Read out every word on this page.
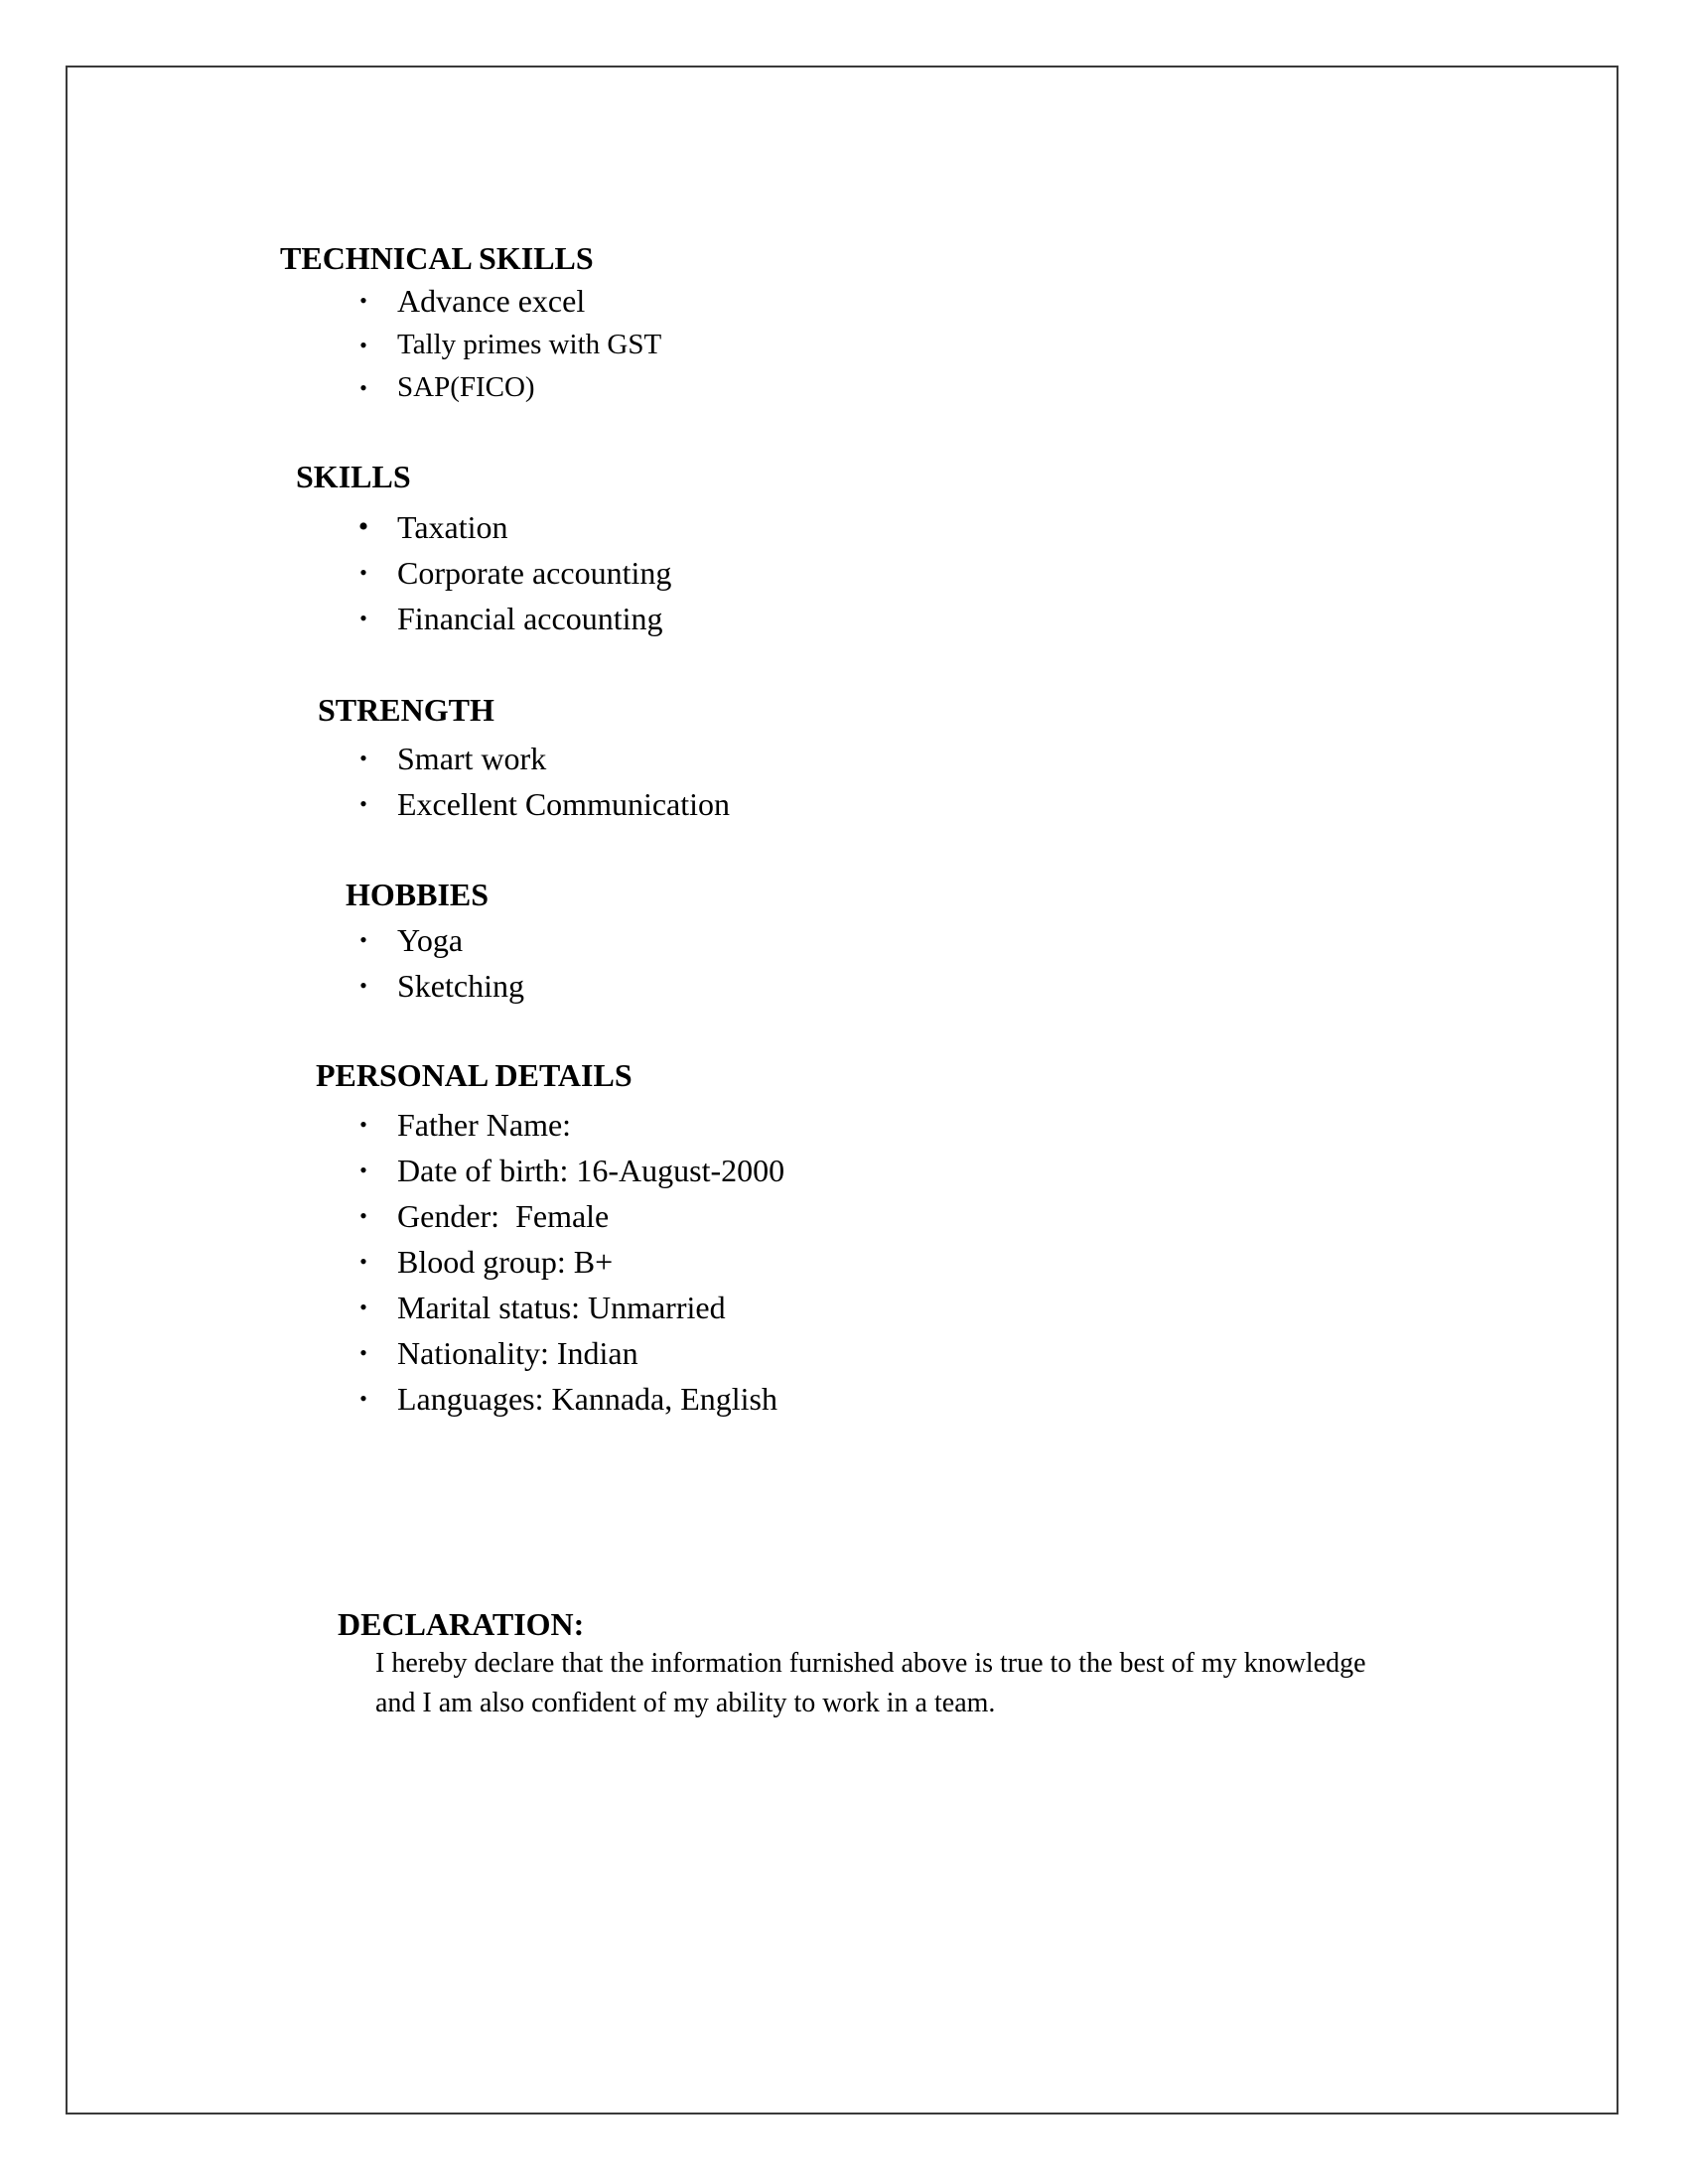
TECHNICAL SKILLS
• Advance excel
• Tally primes with GST
• SAP(FICO)
SKILLS
• Taxation
• Corporate accounting
• Financial accounting
STRENGTH
• Smart work
• Excellent Communication
HOBBIES
• Yoga
• Sketching
PERSONAL DETAILS
• Father Name:
• Date of birth: 16-August-2000
• Gender:  Female
• Blood group: B+
• Marital status: Unmarried
• Nationality: Indian
• Languages: Kannada, English
DECLARATION:

I hereby declare that the information furnished above is true to the best of my knowledge

and I am also confident of my ability to work in a team.
